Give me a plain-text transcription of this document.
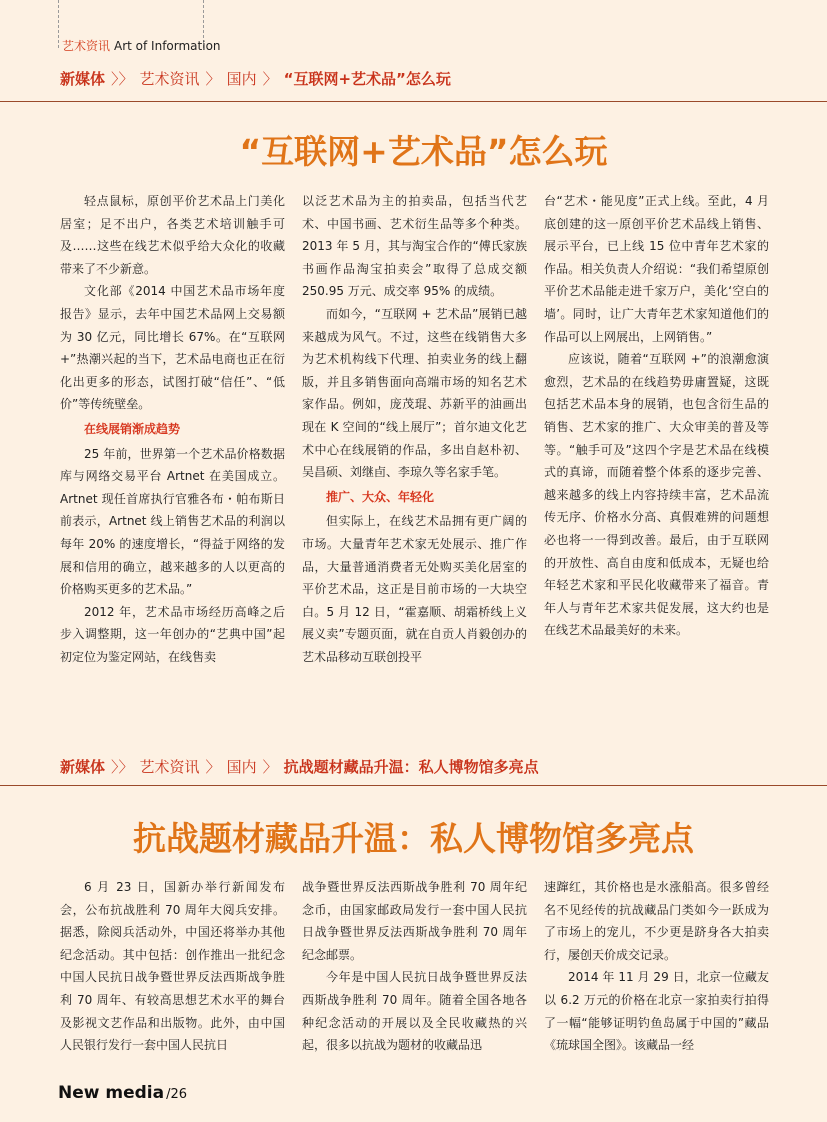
艺术资讯 Art of Information
新媒体 〉〉 艺术资讯 〉 国内 〉 “互联网+艺术品”怎么玩
“互联网+艺术品”怎么玩

轻点鼠标，原创平价艺术品上门美化居室；足不出户，各类艺术培训触手可及……这些在线艺术似乎给大众化的收藏带来了不少新意。

文化部《2014 中国艺术品市场年度报告》显示，去年中国艺术品网上交易额为 30 亿元，同比增长 67%。在“互联网 +”热潮兴起的当下，艺术品电商也正在衍化出更多的形态，试图打破“信任”、“低价”等传统壁垒。

在线展销渐成趋势

25 年前，世界第一个艺术品价格数据库与网络交易平台 Artnet 在美国成立。Artnet 现任首席执行官雅各布・帕布斯日前表示，Artnet 线上销售艺术品的利润以每年 20% 的速度增长，“得益于网络的发展和信用的确立，越来越多的人以更高的价格购买更多的艺术品。”

2012 年，艺术品市场经历高峰之后步入调整期，这一年创办的“艺典中国”起初定位为鉴定网站，在线售卖

以泛艺术品为主的拍卖品，包括当代艺术、中国书画、艺术衍生品等多个种类。2013 年 5 月，其与淘宝合作的“傅氏家族书画作品淘宝拍卖会”取得了总成交额 250.95 万元、成交率 95% 的成绩。

而如今，“互联网 + 艺术品”展销已越来越成为风气。不过，这些在线销售大多为艺术机构线下代理、拍卖业务的线上翻版，并且多销售面向高端市场的知名艺术家作品。例如，庞茂琨、苏新平的油画出现在 K 空间的“线上展厅”；首尔迪文化艺术中心在线展销的作品，多出自赵朴初、吴昌硕、刘继卣、李琼久等名家手笔。

推广、大众、年轻化

但实际上，在线艺术品拥有更广阔的市场。大量青年艺术家无处展示、推广作品，大量普通消费者无处购买美化居室的平价艺术品，这正是目前市场的一大块空白。5 月 12 日，“霍嘉顺、胡霜桥线上义展义卖”专题页面，就在自贡人肖毅创办的艺术品移动互联创投平

台“艺术・能见度”正式上线。至此，4 月底创建的这一原创平价艺术品线上销售、展示平台，已上线 15 位中青年艺术家的作品。相关负责人介绍说：“我们希望原创平价艺术品能走进千家万户，美化‘空白的墙’。同时，让广大青年艺术家知道他们的作品可以上网展出，上网销售。”

应该说，随着“互联网 +”的浪潮愈演愈烈，艺术品的在线趋势毋庸置疑，这既包括艺术品本身的展销，也包含衍生品的销售、艺术家的推广、大众审美的普及等等。“触手可及”这四个字是艺术品在线模式的真谛，而随着整个体系的逐步完善、越来越多的线上内容持续丰富，艺术品流传无序、价格水分高、真假难辨的问题想必也将一一得到改善。最后，由于互联网的开放性、高自由度和低成本，无疑也给年轻艺术家和平民化收藏带来了福音。青年人与青年艺术家共促发展，这大约也是在线艺术品最美好的未来。

新媒体 〉〉 艺术资讯 〉 国内 〉 抗战题材藏品升温：私人博物馆多亮点
抗战题材藏品升温：私人博物馆多亮点

6 月 23 日，国新办举行新闻发布会，公布抗战胜利 70 周年大阅兵安排。据悉，除阅兵活动外，中国还将举办其他纪念活动。其中包括：创作推出一批纪念中国人民抗日战争暨世界反法西斯战争胜利 70 周年、有较高思想艺术水平的舞台及影视文艺作品和出版物。此外，由中国人民银行发行一套中国人民抗日

战争暨世界反法西斯战争胜利 70 周年纪念币，由国家邮政局发行一套中国人民抗日战争暨世界反法西斯战争胜利 70 周年纪念邮票。

今年是中国人民抗日战争暨世界反法西斯战争胜利 70 周年。随着全国各地各种纪念活动的开展以及全民收藏热的兴起，很多以抗战为题材的收藏品迅

速蹿红，其价格也是水涨船高。很多曾经名不见经传的抗战藏品门类如今一跃成为了市场上的宠儿，不少更是跻身各大拍卖行，屡创天价成交记录。

2014 年 11 月 29 日，北京一位藏友以 6.2 万元的价格在北京一家拍卖行拍得了一幅“能够证明钓鱼岛属于中国的”藏品《琉球国全图》。该藏品一经

New media /26
